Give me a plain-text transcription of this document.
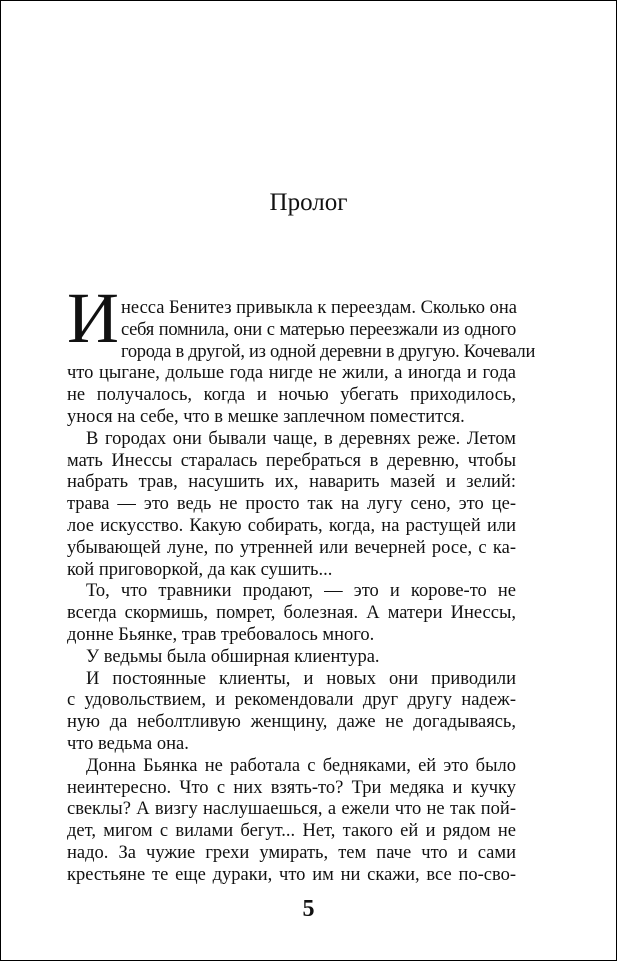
Пролог
И несса Бенитез привыкла к переездам. Сколько она
себя помнила, они с матерью переезжали из одного
города в другой, из одной деревни в другую. Кочевали
что цыгане, дольше года нигде не жили, а иногда и года
не получалось, когда и ночью убегать приходилось,
унося на себе, что в мешке заплечном поместится.
В городах они бывали чаще, в деревнях реже. Летом
мать Инессы старалась перебраться в деревню, чтобы
набрать трав, насушить их, наварить мазей и зелий:
трава — это ведь не просто так на лугу сено, это це-
лое искусство. Какую собирать, когда, на растущей или
убывающей луне, по утренней или вечерней росе, с ка-
кой приговоркой, да как сушить...
То, что травники продают, — это и корове-то не
всегда скормишь, помрет, болезная. А матери Инессы,
донне Бьянке, трав требовалось много.
У ведьмы была обширная клиентура.
И постоянные клиенты, и новых они приводили
с удовольствием, и рекомендовали друг другу надеж-
ную да неболтливую женщину, даже не догадываясь,
что ведьма она.
Донна Бьянка не работала с бедняками, ей это было
неинтересно. Что с них взять-то? Три медяка и кучку
свеклы? А визгу наслушаешься, а ежели что не так пой-
дет, мигом с вилами бегут... Нет, такого ей и рядом не
надо. За чужие грехи умирать, тем паче что и сами
крестьяне те еще дураки, что им ни скажи, все по-сво-
5
